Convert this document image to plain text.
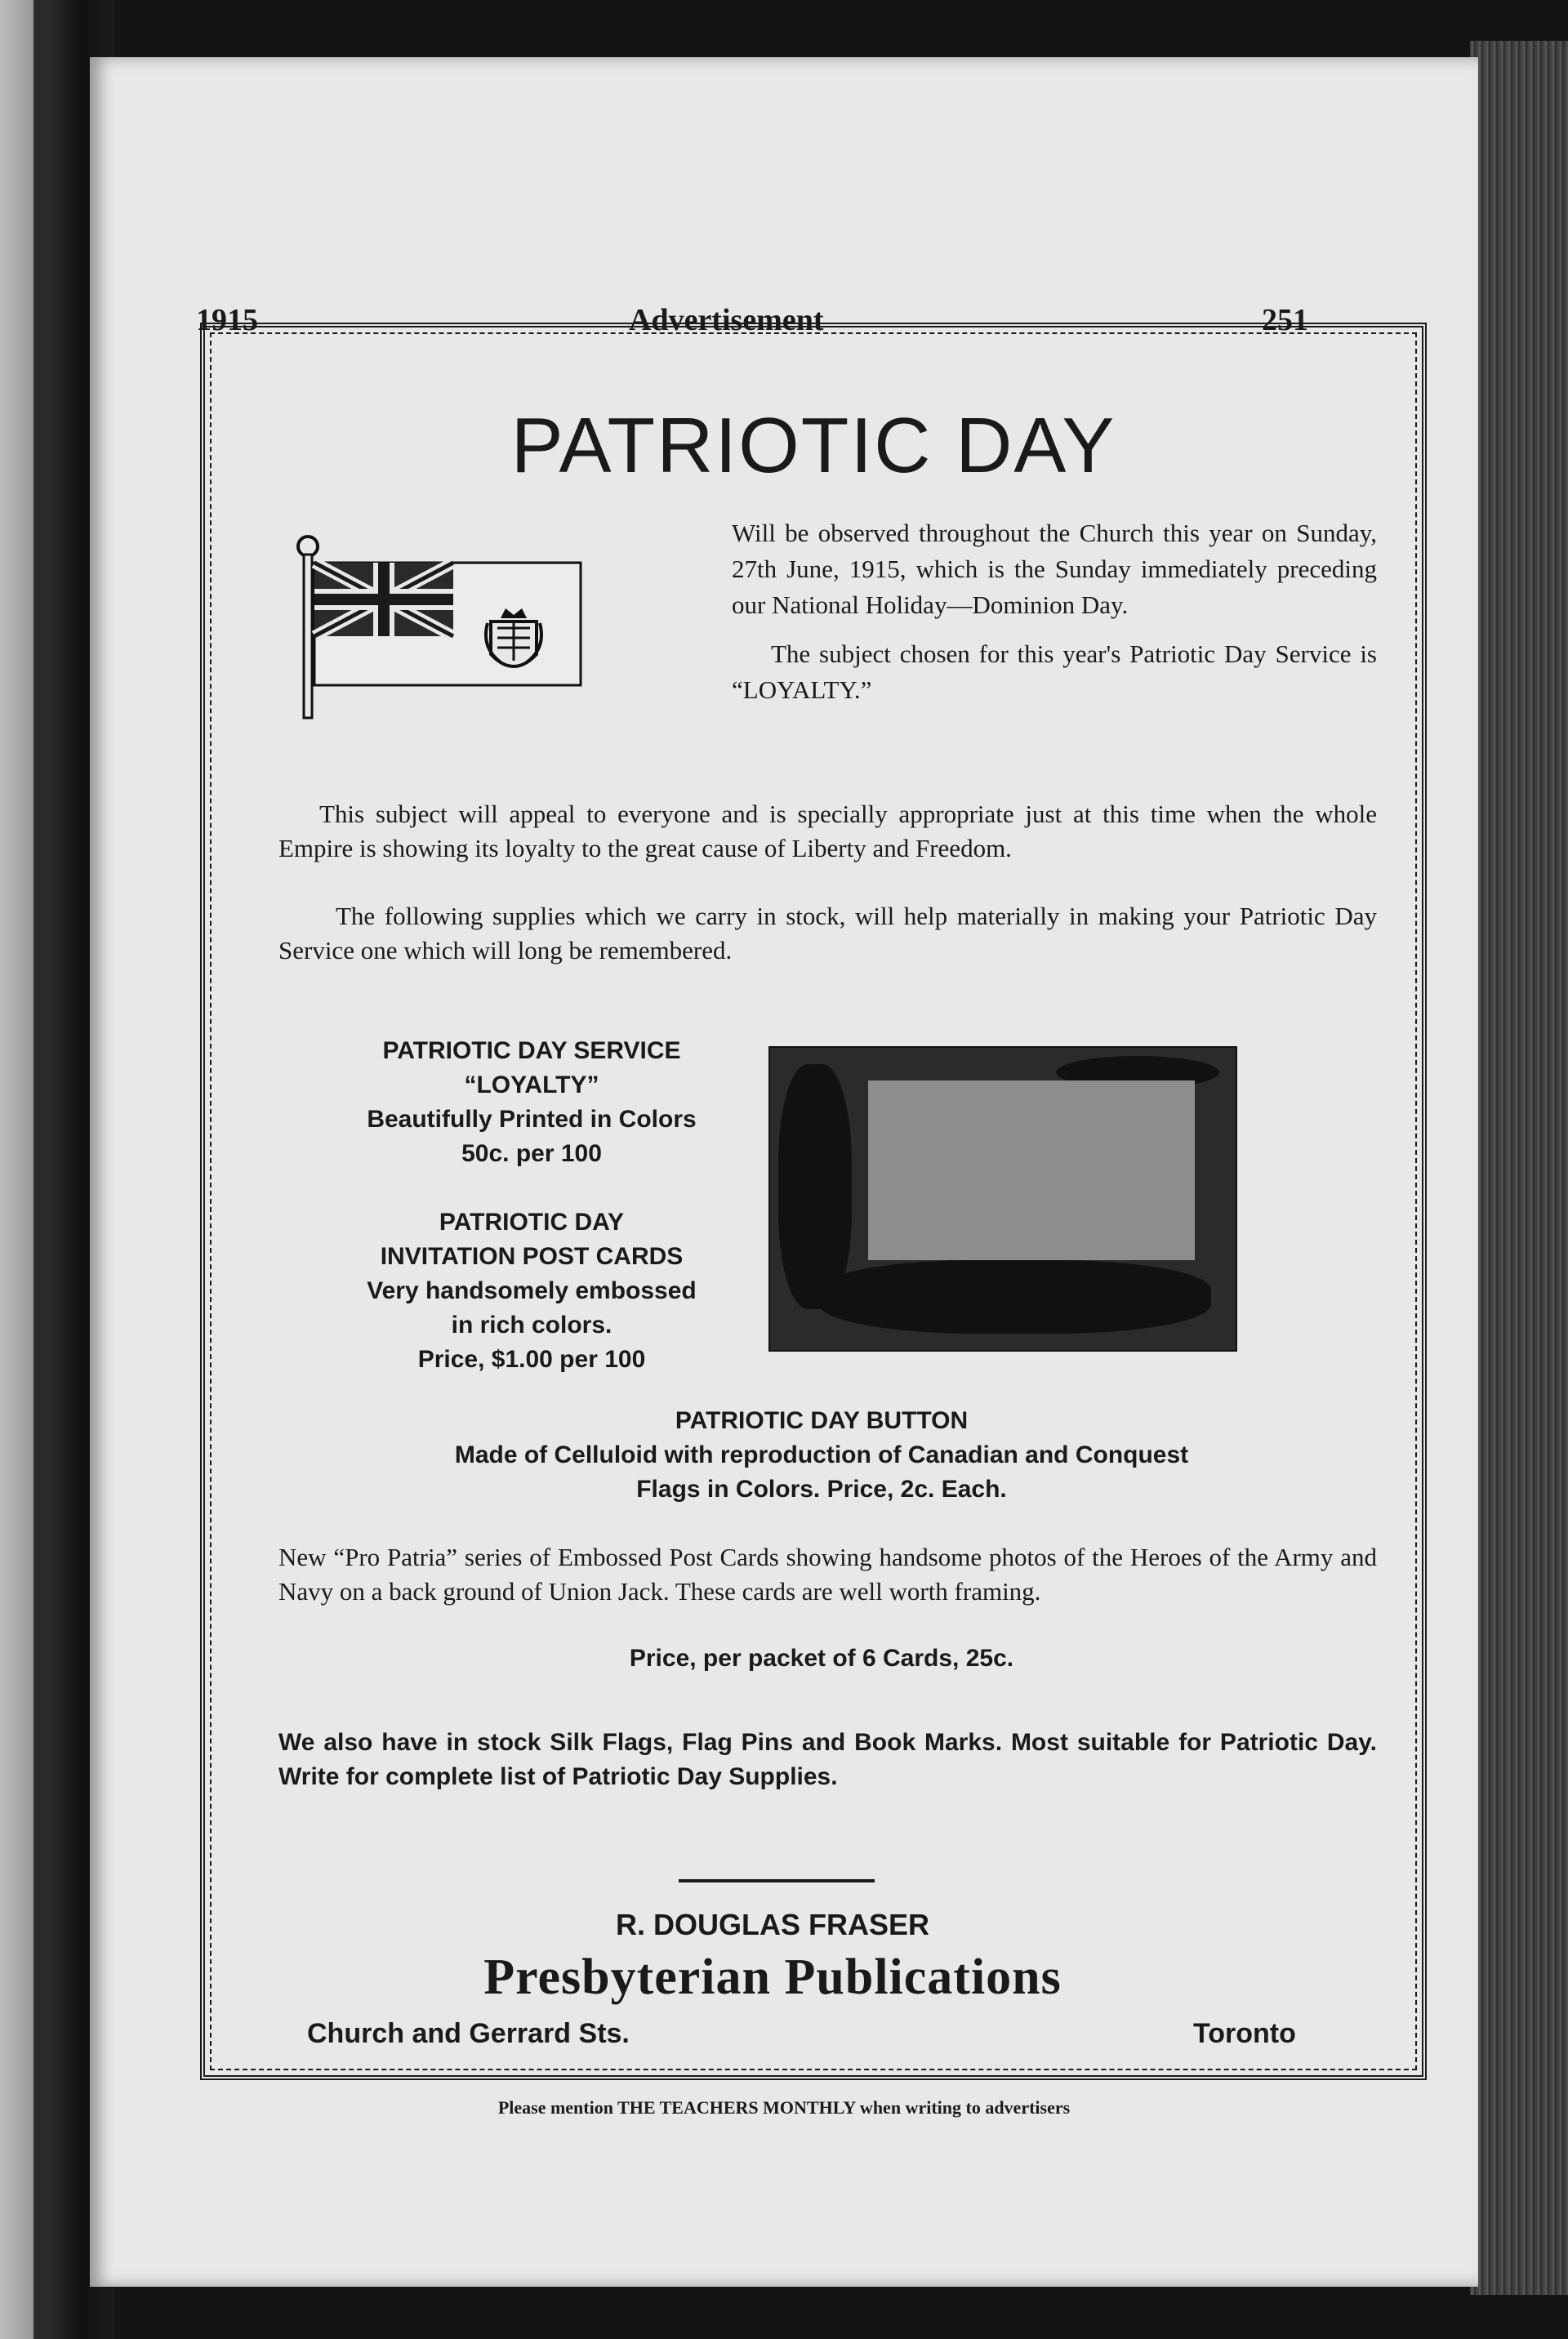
1915	Advertisement	251
PATRIOTIC DAY

Will be observed throughout the Church this year on Sunday, 27th June, 1915, which is the Sunday immediately preceding our National Holiday—Dominion Day.

The subject chosen for this year's Patriotic Day Service is “LOYALTY.”

This subject will appeal to everyone and is specially appropriate just at this time when the whole Empire is showing its loyalty to the great cause of Liberty and Freedom.
The following supplies which we carry in stock, will help materially in making your Patriotic Day Service one which will long be remembered.
PATRIOTIC DAY SERVICE
“LOYALTY”
Beautifully Printed in Colors
50c. per 100
PATRIOTIC DAY
INVITATION POST CARDS
Very handsomely embossed
in rich colors.
Price, $1.00 per 100
PATRIOTIC DAY BUTTON
Made of Celluloid with reproduction of Canadian and Conquest
Flags in Colors. Price, 2c. Each.
New “Pro Patria” series of Embossed Post Cards showing handsome photos of the Heroes of the Army and Navy on a back ground of Union Jack. These cards are well worth framing.
Price, per packet of 6 Cards, 25c.
We also have in stock Silk Flags, Flag Pins and Book Marks. Most suitable for Patriotic Day. Write for complete list of Patriotic Day Supplies.
R. DOUGLAS FRASER
Presbyterian Publications
Church and Gerrard Sts.	Toronto
Please mention THE TEACHERS MONTHLY when writing to advertisers
